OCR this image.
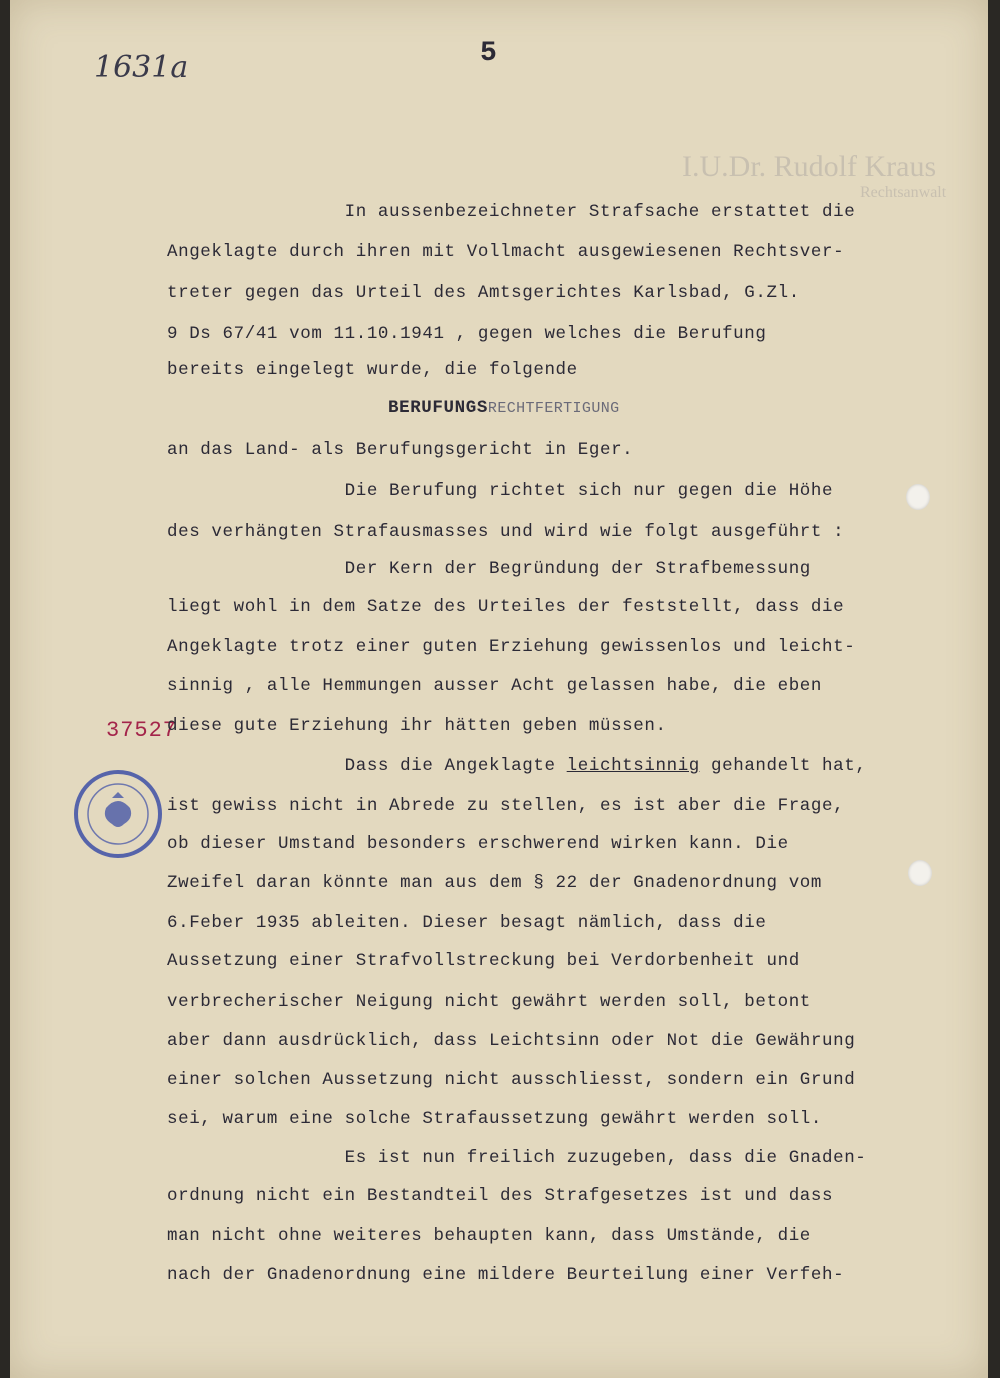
I.U.Dr. Rudolf Kraus
Rechtsanwalt
1631a	5
37527

In aussenbezeichneter Strafsache erstattet die

Angeklagte durch ihren mit Vollmacht ausgewiesenen Rechtsver-

treter gegen das Urteil des Amtsgerichtes Karlsbad, G.Zl.

9 Ds 67/41 vom 11.10.1941 , gegen welches die Berufung

bereits eingelegt wurde, die folgende

BERUFUNGSRECHTFERTIGUNG

an das Land- als Berufungsgericht in Eger.

Die Berufung richtet sich nur gegen die Höhe

des verhängten Strafausmasses und wird wie folgt ausgeführt :

Der Kern der Begründung der Strafbemessung

liegt wohl in dem Satze des Urteiles der feststellt, dass die

Angeklagte trotz einer guten Erziehung gewissenlos und leicht-

sinnig , alle Hemmungen ausser Acht gelassen habe, die eben

diese gute Erziehung ihr hätten geben müssen.

Dass die Angeklagte leichtsinnig gehandelt hat,

ist gewiss nicht in Abrede zu stellen, es ist aber die Frage,

ob dieser Umstand besonders erschwerend wirken kann. Die

Zweifel daran könnte man aus dem § 22 der Gnadenordnung vom

6.Feber 1935 ableiten. Dieser besagt nämlich, dass die

Aussetzung einer Strafvollstreckung bei Verdorbenheit und

verbrecherischer Neigung nicht gewährt werden soll, betont

aber dann ausdrücklich, dass Leichtsinn oder Not die Gewährung

einer solchen Aussetzung nicht ausschliesst, sondern ein Grund

sei, warum eine solche Strafaussetzung gewährt werden soll.

Es ist nun freilich zuzugeben, dass die Gnaden-

ordnung nicht ein Bestandteil des Strafgesetzes ist und dass

man nicht ohne weiteres behaupten kann, dass Umstände, die

nach der Gnadenordnung eine mildere Beurteilung einer Verfeh-
